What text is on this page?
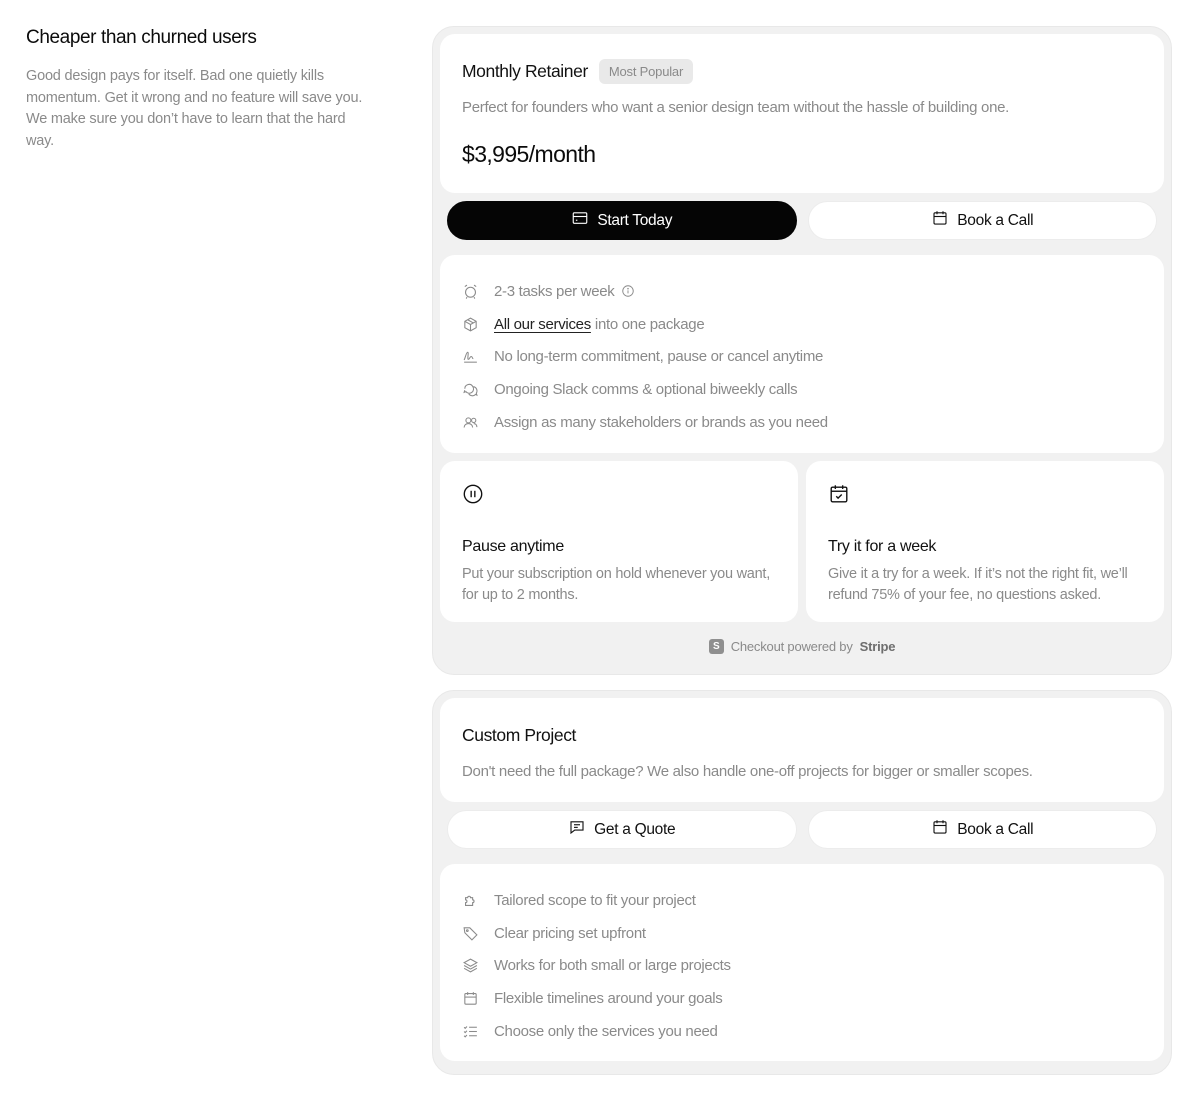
Cheaper than churned users

Good design pays for itself. Bad one quietly kills momentum. Get it wrong and no feature will save you. We make sure you don’t have to learn that the hard way.

Monthly Retainer	Most Popular

Perfect for founders who want a senior design team without the hassle of building one.

$3,995/month
Start Today	Book a Call
2-3 tasks per week
All our services into one package
No long-term commitment, pause or cancel anytime
Ongoing Slack comms & optional biweekly calls
Assign as many stakeholders or brands as you need
Pause anytime

Put your subscription on hold whenever you want, for up to 2 months.

Try it for a week

Give it a try for a week. If it’s not the right fit, we’ll refund 75% of your fee, no questions asked.

S Checkout powered by Stripe
Custom Project

Don't need the full package? We also handle one-off projects for bigger or smaller scopes.

Get a Quote	Book a Call
Tailored scope to fit your project
Clear pricing set upfront
Works for both small or large projects
Flexible timelines around your goals
Choose only the services you need
